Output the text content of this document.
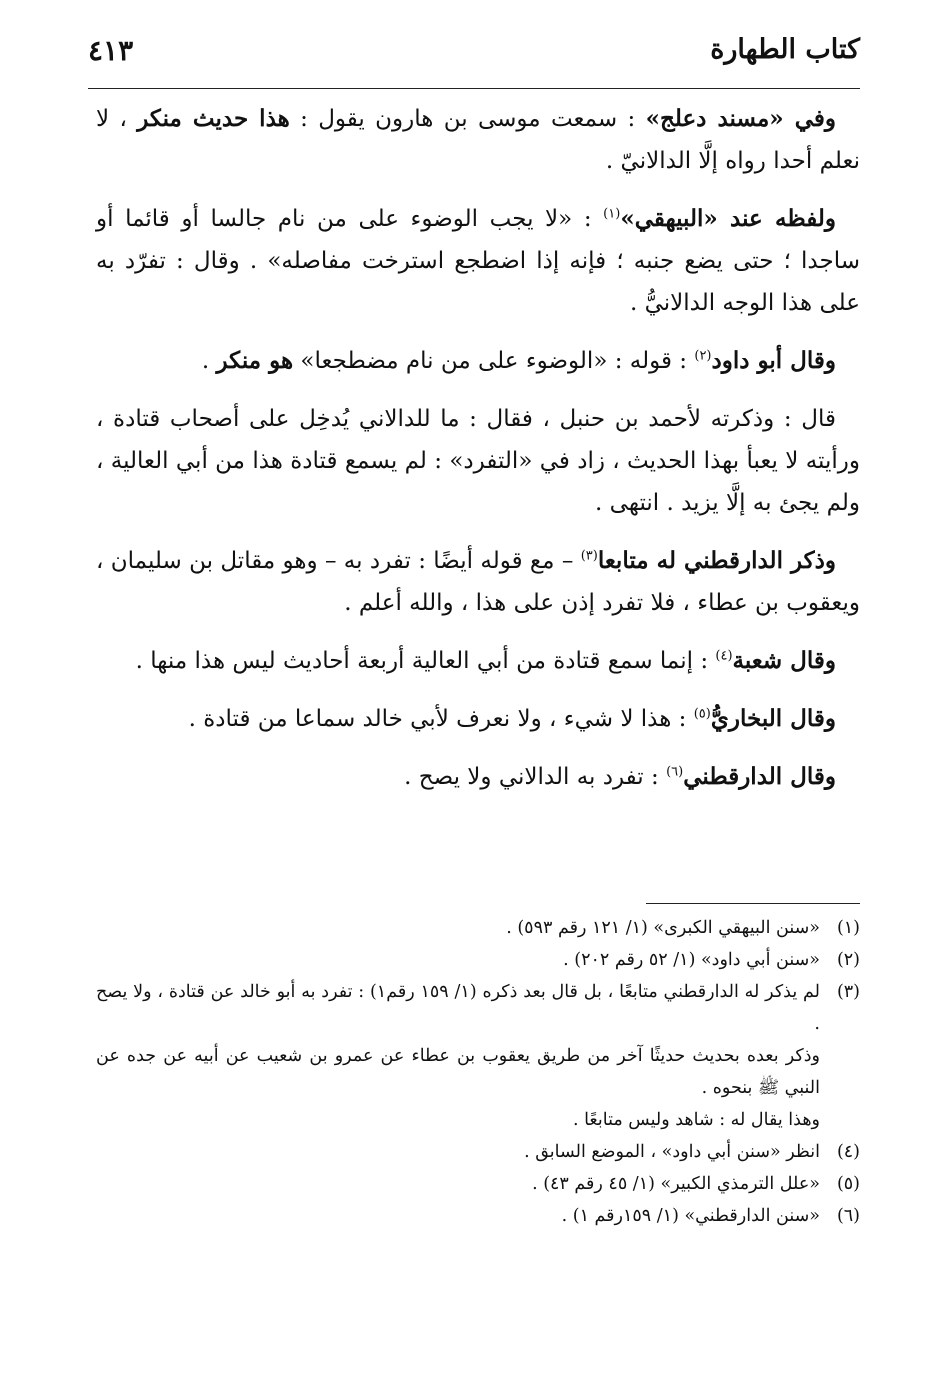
كتاب الطهارة
٤١٣

وفي «مسند دعلج» : سمعت موسى بن هارون يقول : هذا حديث منكر ، لا نعلم أحدا رواه إلَّا الدالانيّ .

ولفظه عند «البيهقي»$^{(١)}$ : «لا يجب الوضوء على من نام جالسا أو قائما أو ساجدا ؛ حتى يضع جنبه ؛ فإنه إذا اضطجع استرخت مفاصله» . وقال : تفرّد به على هذا الوجه الدالانيُّ .

وقال أبو داود$^{(٢)}$ : قوله : «الوضوء على من نام مضطجعا» هو منكر .

قال : وذكرته لأحمد بن حنبل ، فقال : ما للدالاني يُدخِل على أصحاب قتادة ، ورأيته لا يعبأ بهذا الحديث ، زاد في «التفرد» : لم يسمع قتادة هذا من أبي العالية ، ولم يجئ به إلَّا يزيد . انتهى .

وذكر الدارقطني له متابعا$^{(٣)}$ – مع قوله أيضًا : تفرد به – وهو مقاتل بن سليمان ، ويعقوب بن عطاء ، فلا تفرد إذن على هذا ، والله أعلم .

وقال شعبة$^{(٤)}$ : إنما سمع قتادة من أبي العالية أربعة أحاديث ليس هذا منها .

وقال البخاريُّ$^{(٥)}$ : هذا لا شيء ، ولا نعرف لأبي خالد سماعا من قتادة .

وقال الدارقطني$^{(٦)}$ : تفرد به الدالاني ولا يصح .

(١)
«سنن البيهقي الكبرى» (١/ ١٢١ رقم ٥٩٣) .

(٢)
«سنن أبي داود» (١/ ٥٢ رقم ٢٠٢) .

(٣)
لم يذكر له الدارقطني متابعًا ، بل قال بعد ذكره (١/ ١٥٩ رقم١) : تفرد به أبو خالد عن قتادة ، ولا يصح .

وذكر بعده بحديث حديثًا آخر من طريق يعقوب بن عطاء عن عمرو بن شعيب عن أبيه عن جده عن النبي ﷺ بنحوه .

وهذا يقال له : شاهد وليس متابعًا .

(٤)
انظر «سنن أبي داود» ، الموضع السابق .

(٥)
«علل الترمذي الكبير» (١/ ٤٥ رقم ٤٣) .

(٦)
«سنن الدارقطني» (١/ ١٥٩رقم ١) .
